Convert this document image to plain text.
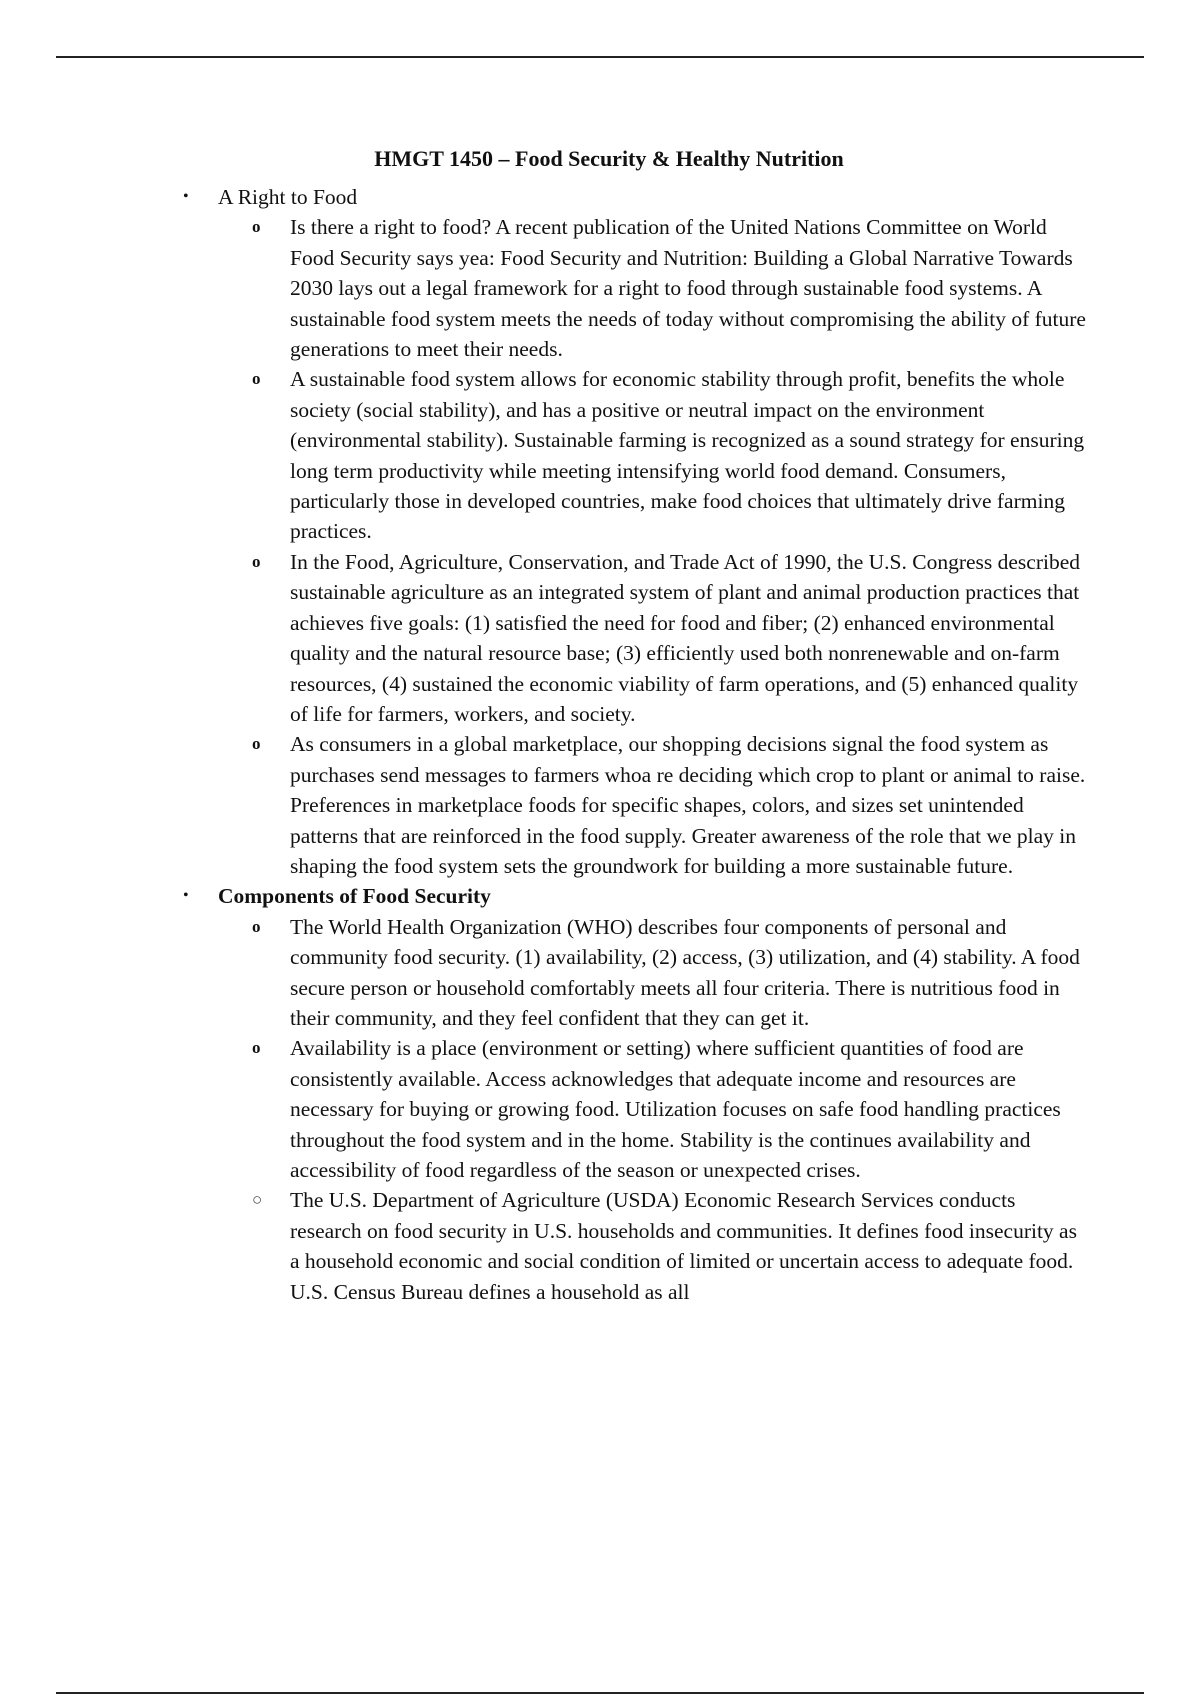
HMGT 1450 – Food Security & Healthy Nutrition
• A Right to Food
o Is there a right to food? A recent publication of the United Nations Committee on World Food Security says yea: Food Security and Nutrition: Building a Global Narrative Towards 2030 lays out a legal framework for a right to food through sustainable food systems. A sustainable food system meets the needs of today without compromising the ability of future generations to meet their needs.
o A sustainable food system allows for economic stability through profit, benefits the whole society (social stability), and has a positive or neutral impact on the environment (environmental stability). Sustainable farming is recognized as a sound strategy for ensuring long term productivity while meeting intensifying world food demand. Consumers, particularly those in developed countries, make food choices that ultimately drive farming practices.
o In the Food, Agriculture, Conservation, and Trade Act of 1990, the U.S. Congress described sustainable agriculture as an integrated system of plant and animal production practices that achieves five goals: (1) satisfied the need for food and fiber; (2) enhanced environmental quality and the natural resource base; (3) efficiently used both nonrenewable and on-farm resources, (4) sustained the economic viability of farm operations, and (5) enhanced quality of life for farmers, workers, and society.
o As consumers in a global marketplace, our shopping decisions signal the food system as purchases send messages to farmers whoa re deciding which crop to plant or animal to raise. Preferences in marketplace foods for specific shapes, colors, and sizes set unintended patterns that are reinforced in the food supply. Greater awareness of the role that we play in shaping the food system sets the groundwork for building a more sustainable future.
• Components of Food Security
o The World Health Organization (WHO) describes four components of personal and community food security. (1) availability, (2) access, (3) utilization, and (4) stability. A food secure person or household comfortably meets all four criteria. There is nutritious food in their community, and they feel confident that they can get it.
o Availability is a place (environment or setting) where sufficient quantities of food are consistently available. Access acknowledges that adequate income and resources are necessary for buying or growing food. Utilization focuses on safe food handling practices throughout the food system and in the home. Stability is the continues availability and accessibility of food regardless of the season or unexpected crises.
○ The U.S. Department of Agriculture (USDA) Economic Research Services conducts research on food security in U.S. households and communities. It defines food insecurity as a household economic and social condition of limited or uncertain access to adequate food. U.S. Census Bureau defines a household as all
